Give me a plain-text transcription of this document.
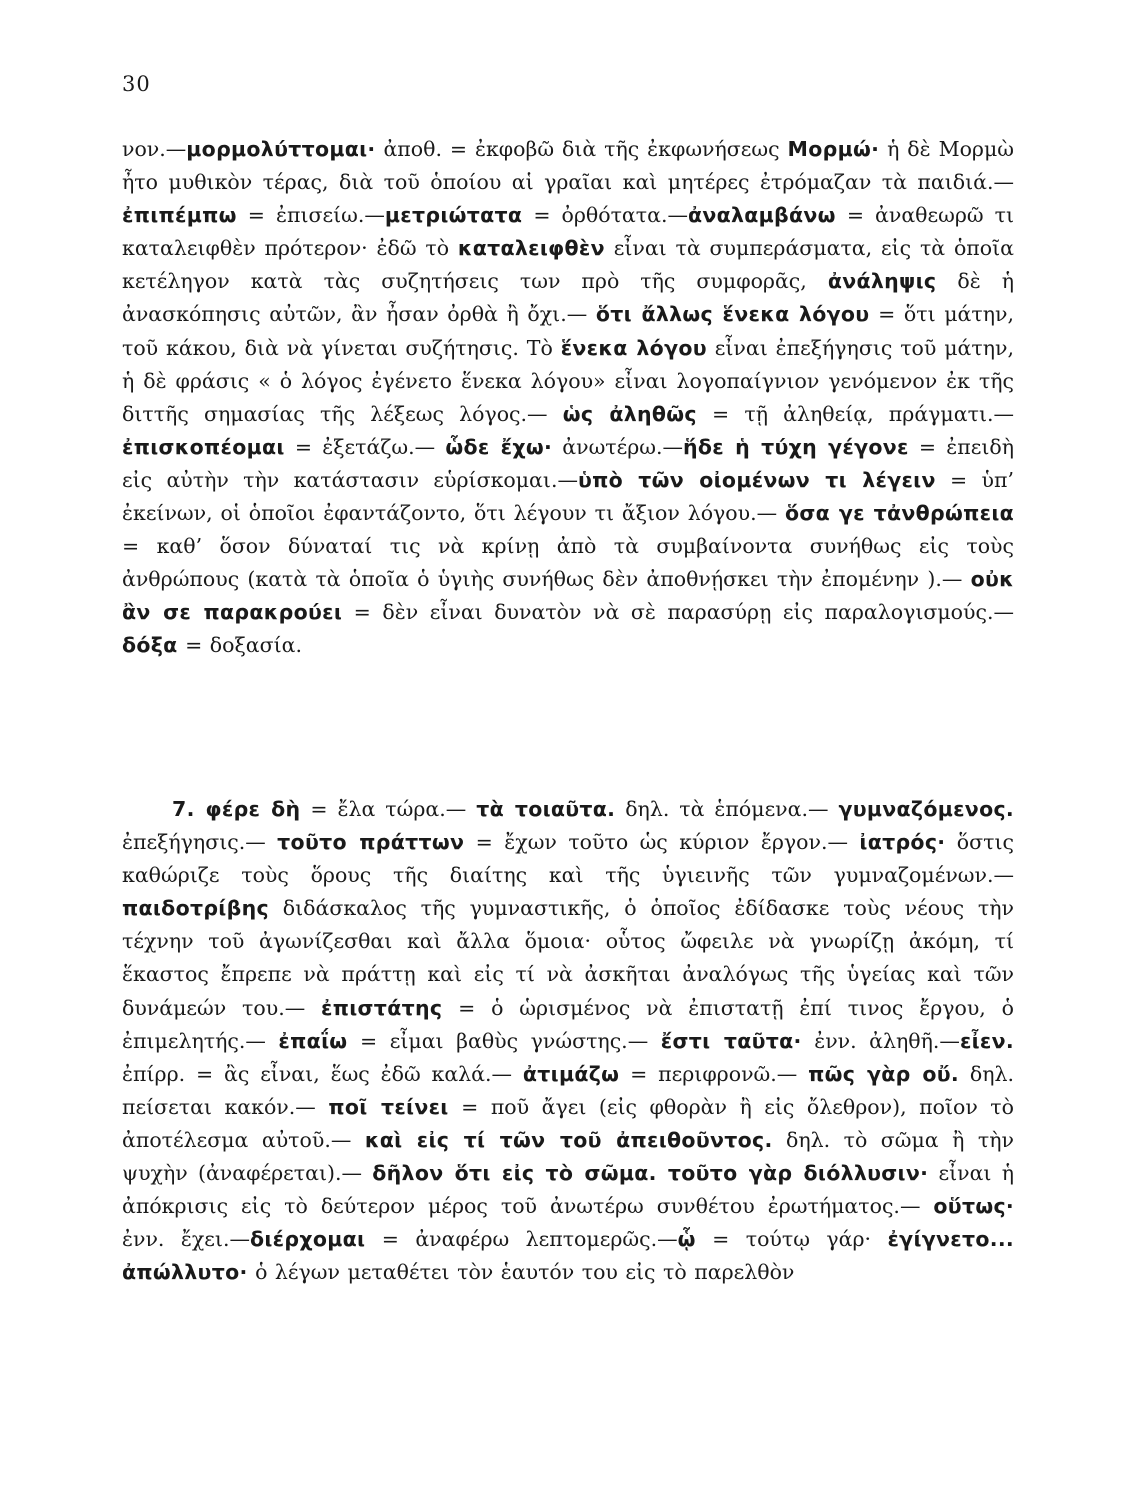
30
νον.—μορμολύττομαι· ἀποθ. = ἐκφοβῶ διὰ τῆς ἐκφωνήσεως Μορμώ· ἡ δὲ Μορμὼ ἦτο μυθικὸν τέρας, διὰ τοῦ ὁποίου αἱ γραῖαι καὶ μητέρες ἐτρόμαζαν τὰ παιδιά.—ἐπιπέμπω = ἐπισείω.—μετριώτατα = ὀρθότατα.—ἀναλαμβάνω = ἀναθεωρῶ τι καταλειφθὲν πρότερον· ἐδῶ τὸ καταλειφθὲν εἶναι τὰ συμπεράσματα, εἰς τὰ ὁποῖα κετέληγον κατὰ τὰς συζητήσεις των πρὸ τῆς συμφορᾶς, ἀνάληψις δὲ ἡ ἀνασκόπησις αὐτῶν, ἂν ἦσαν ὀρθὰ ἢ ὄχι.— ὅτι ἄλλως ἕνεκα λόγου = ὅτι μάτην, τοῦ κάκου, διὰ νὰ γίνεται συζήτησις. Τὸ ἕνεκα λόγου εἶναι ἐπεξήγησις τοῦ μάτην, ἡ δὲ φράσις « ὁ λόγος ἐγένετο ἕνεκα λόγου» εἶναι λογοπαίγνιον γενόμενον ἐκ τῆς διττῆς σημασίας τῆς λέξεως λόγος.— ὡς ἀληθῶς = τῇ ἀληθείᾳ, πράγματι.— ἐπισκοπέομαι = ἐξετάζω.— ὧδε ἔχω· ἀνωτέρω.—ἥδε ἡ τύχη γέγονε = ἐπειδὴ εἰς αὐτὴν τὴν κατάστασιν εὑρίσκομαι.—ὑπὸ τῶν οἰομένων τι λέγειν = ὑπ’ ἐκείνων, οἱ ὁποῖοι ἐφαντάζοντο, ὅτι λέγουν τι ἄξιον λόγου.— ὅσα γε τἀνθρώπεια = καθ’ ὅσον δύναταί τις νὰ κρίνῃ ἀπὸ τὰ συμβαίνοντα συνήθως εἰς τοὺς ἀνθρώπους (κατὰ τὰ ὁποῖα ὁ ὑγιὴς συνήθως δὲν ἀποθνῄσκει τὴν ἐπομένην ).— οὐκ ἂν σε παρακρούει = δὲν εἶναι δυνατὸν νὰ σὲ παρασύρῃ εἰς παραλογισμούς.— δόξα = δοξασία.
7. φέρε δὴ = ἔλα τώρα.— τὰ τοιαῦτα. δηλ. τὰ ἑπόμενα.— γυμναζόμενος. ἐπεξήγησις.— τοῦτο πράττων = ἔχων τοῦτο ὡς κύριον ἔργον.— ἰατρός· ὅστις καθώριζε τοὺς ὅρους τῆς διαίτης καὶ τῆς ὑγιεινῆς τῶν γυμναζομένων.— παιδοτρίβης διδάσκαλος τῆς γυμναστικῆς, ὁ ὁποῖος ἐδίδασκε τοὺς νέους τὴν τέχνην τοῦ ἀγωνίζεσθαι καὶ ἄλλα ὅμοια· οὗτος ὤφειλε νὰ γνωρίζῃ ἀκόμη, τί ἕκαστος ἔπρεπε νὰ πράττῃ καὶ εἰς τί νὰ ἀσκῆται ἀναλόγως τῆς ὑγείας καὶ τῶν δυνάμεών του.— ἐπιστάτης = ὁ ὡρισμένος νὰ ἐπιστατῇ ἐπί τινος ἔργου, ὁ ἐπιμελητής.— ἐπαΐω = εἶμαι βαθὺς γνώστης.— ἔστι ταῦτα· ἐνν. ἀληθῆ.—εἶεν. ἐπίρρ. = ἂς εἶναι, ἕως ἐδῶ καλά.— ἀτιμάζω = περιφρονῶ.— πῶς γὰρ οὔ. δηλ. πείσεται κακόν.— ποῖ τείνει = ποῦ ἄγει (εἰς φθορὰν ἢ εἰς ὄλεθρον), ποῖον τὸ ἀποτέλεσμα αὐτοῦ.— καὶ εἰς τί τῶν τοῦ ἀπειθοῦντος. δηλ. τὸ σῶμα ἢ τὴν ψυχὴν (ἀναφέρεται).— δῆλον ὅτι εἰς τὸ σῶμα. τοῦτο γὰρ διόλλυσιν· εἶναι ἡ ἀπόκρισις εἰς τὸ δεύτερον μέρος τοῦ ἀνωτέρω συνθέτου ἐρωτήματος.— οὕτως· ἐνν. ἔχει.—διέρχομαι = ἀναφέρω λεπτομερῶς.—ᾧ = τούτῳ γάρ· ἐγίγνετο... ἀπώλλυτο· ὁ λέγων μεταθέτει τὸν ἑαυτόν του εἰς τὸ παρελθὸν
